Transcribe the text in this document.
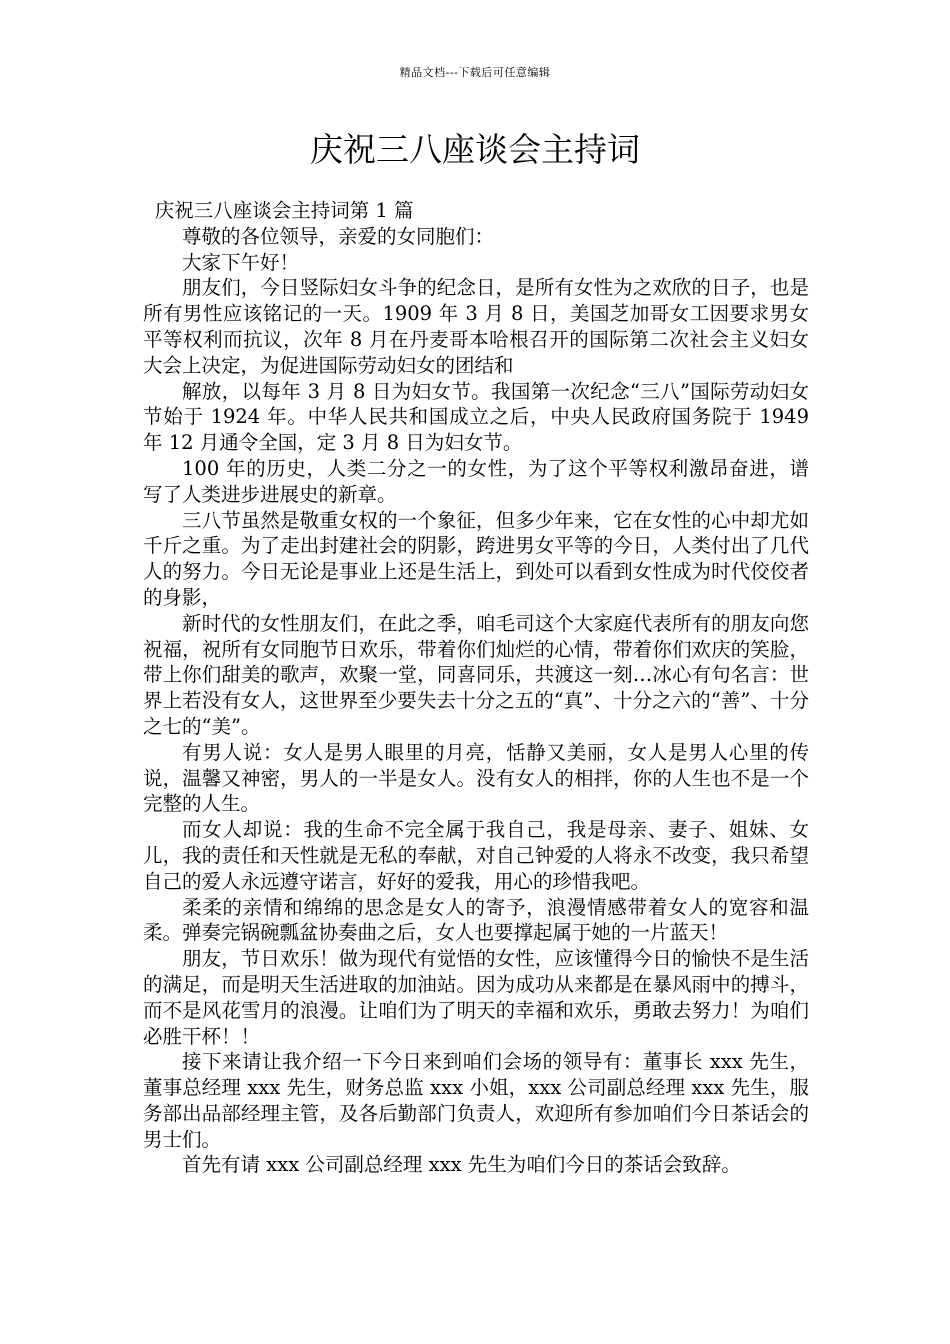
精品文档---下载后可任意编辑
庆祝三八座谈会主持词

庆祝三八座谈会主持词第 1 篇

尊敬的各位领导，亲爱的女同胞们：

大家下午好！

朋友们，今日竖际妇女斗争的纪念日，是所有女性为之欢欣的日子，也是所有男性应该铭记的一天。1909 年 3 月 8 日，美国芝加哥女工因要求男女平等权利而抗议，次年 8 月在丹麦哥本哈根召开的国际第二次社会主义妇女大会上决定，为促进国际劳动妇女的团结和

解放，以每年 3 月 8 日为妇女节。我国第一次纪念“三八”国际劳动妇女节始于 1924 年。中华人民共和国成立之后，中央人民政府国务院于 1949 年 12 月通令全国，定 3 月 8 日为妇女节。

100 年的历史，人类二分之一的女性，为了这个平等权利激昂奋进，谱写了人类进步进展史的新章。

三八节虽然是敬重女权的一个象征，但多少年来，它在女性的心中却尤如千斤之重。为了走出封建社会的阴影，跨进男女平等的今日，人类付出了几代人的努力。今日无论是事业上还是生活上，到处可以看到女性成为时代佼佼者的身影，

新时代的女性朋友们，在此之季，咱毛司这个大家庭代表所有的朋友向您祝福，祝所有女同胞节日欢乐，带着你们灿烂的心情，带着你们欢庆的笑脸，带上你们甜美的歌声，欢聚一堂，同喜同乐，共渡这一刻…冰心有句名言：世界上若没有女人，这世界至少要失去十分之五的“真”、十分之六的“善”、十分之七的“美”。

有男人说：女人是男人眼里的月亮，恬静又美丽，女人是男人心里的传说，温馨又神密，男人的一半是女人。没有女人的相拌，你的人生也不是一个完整的人生。

而女人却说：我的生命不完全属于我自己，我是母亲、妻子、姐妹、女儿，我的责任和天性就是无私的奉献，对自己钟爱的人将永不改变，我只希望自己的爱人永远遵守诺言，好好的爱我，用心的珍惜我吧。

柔柔的亲情和绵绵的思念是女人的寄予，浪漫情感带着女人的宽容和温柔。弹奏完锅碗瓢盆协奏曲之后，女人也要撑起属于她的一片蓝天！

朋友，节日欢乐！做为现代有觉悟的女性，应该懂得今日的愉快不是生活的满足，而是明天生活进取的加油站。因为成功从来都是在暴风雨中的搏斗，而不是风花雪月的浪漫。让咱们为了明天的幸福和欢乐，勇敢去努力！为咱们必胜干杯！！

接下来请让我介绍一下今日来到咱们会场的领导有：董事长 xxx 先生，董事总经理 xxx 先生，财务总监 xxx 小姐，xxx 公司副总经理 xxx 先生，服务部出品部经理主管，及各后勤部门负责人，欢迎所有参加咱们今日茶话会的男士们。

首先有请 xxx 公司副总经理 xxx 先生为咱们今日的茶话会致辞。
